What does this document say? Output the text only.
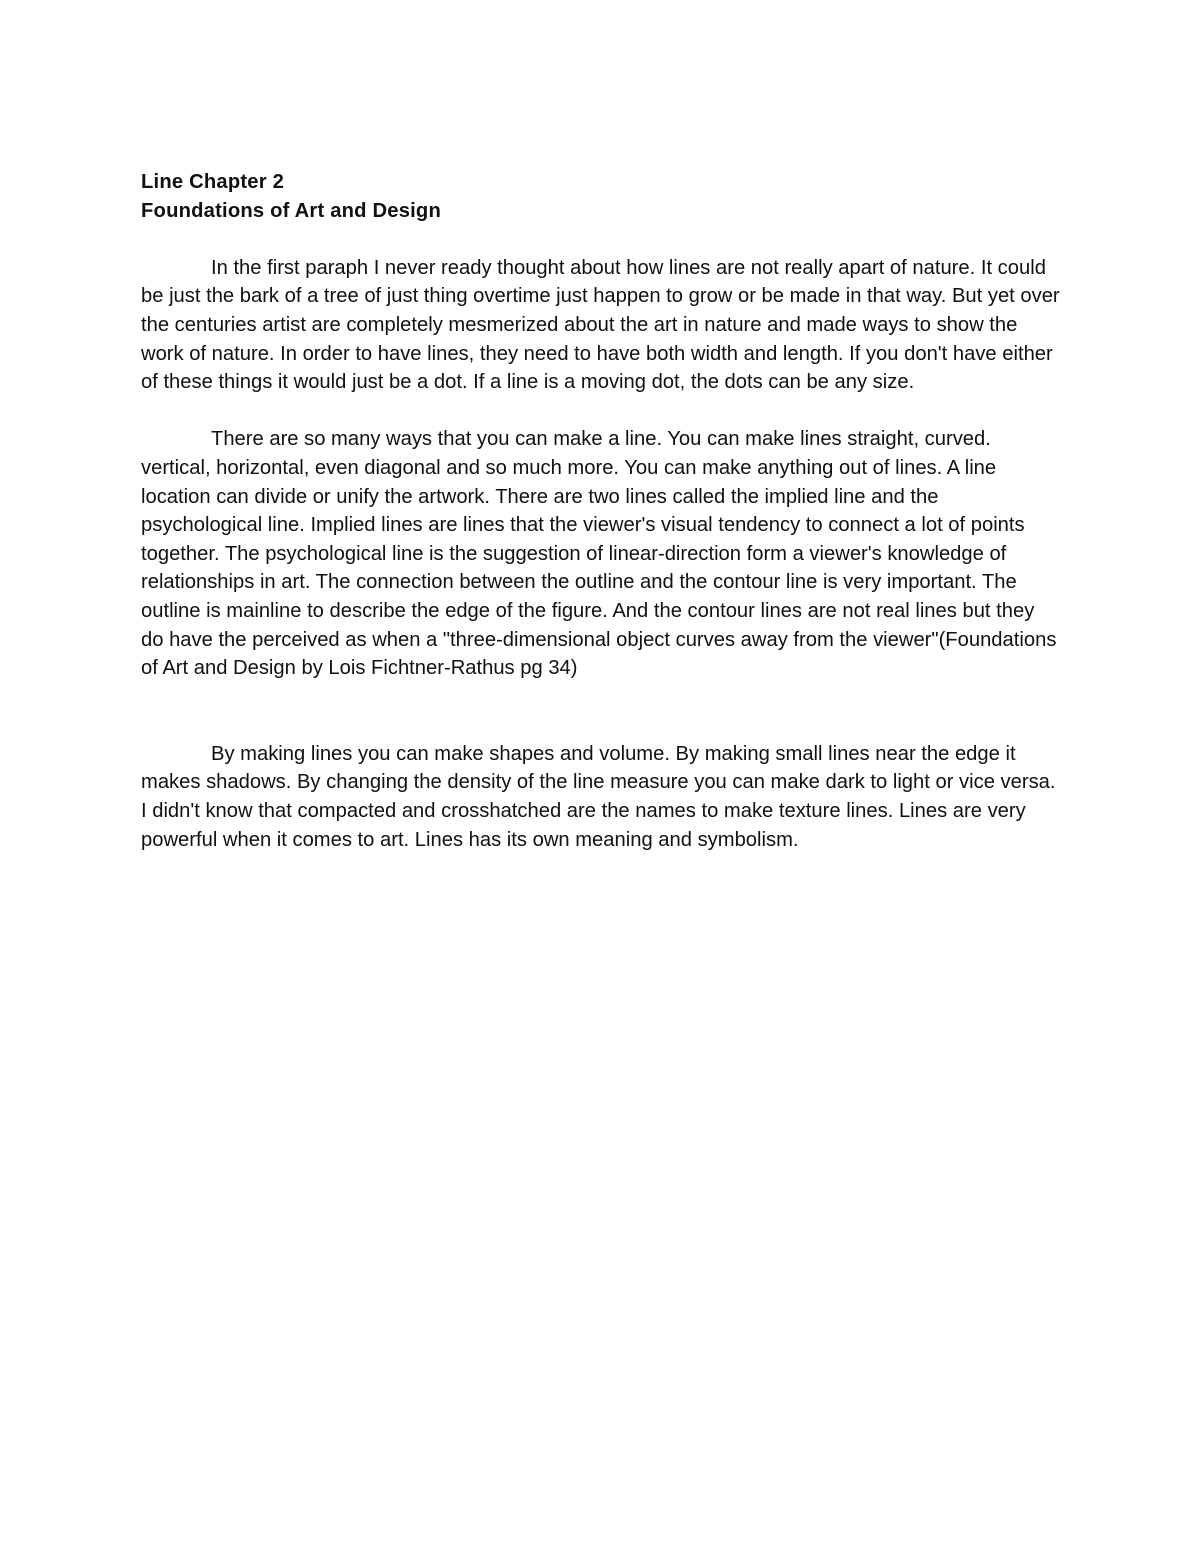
Line Chapter 2

Foundations of Art and Design

In the first paraph I never ready thought about how lines are not really apart of nature. It could be just the bark of a tree of just thing overtime just happen to grow or be made in that way. But yet over the centuries artist are completely mesmerized about the art in nature and made ways to show the work of nature. In order to have lines, they need to have both width and length. If you don't have either of these things it would just be a dot. If a line is a moving dot, the dots can be any size.

There are so many ways that you can make a line. You can make lines straight, curved. vertical, horizontal, even diagonal and so much more. You can make anything out of lines. A line location can divide or unify the artwork. There are two lines called the implied line and the psychological line. Implied lines are lines that the viewer's visual tendency to connect a lot of points together. The psychological line is the suggestion of linear-direction form a viewer's knowledge of relationships in art. The connection between the outline and the contour line is very important. The outline is mainline to describe the edge of the figure. And the contour lines are not real lines but they do have the perceived as when a "three-dimensional object curves away from the viewer"(Foundations of Art and Design by Lois Fichtner-Rathus pg 34)

By making lines you can make shapes and volume. By making small lines near the edge it makes shadows. By changing the density of the line measure you can make dark to light or vice versa. I didn't know that compacted and crosshatched are the names to make texture lines. Lines are very powerful when it comes to art. Lines has its own meaning and symbolism.
